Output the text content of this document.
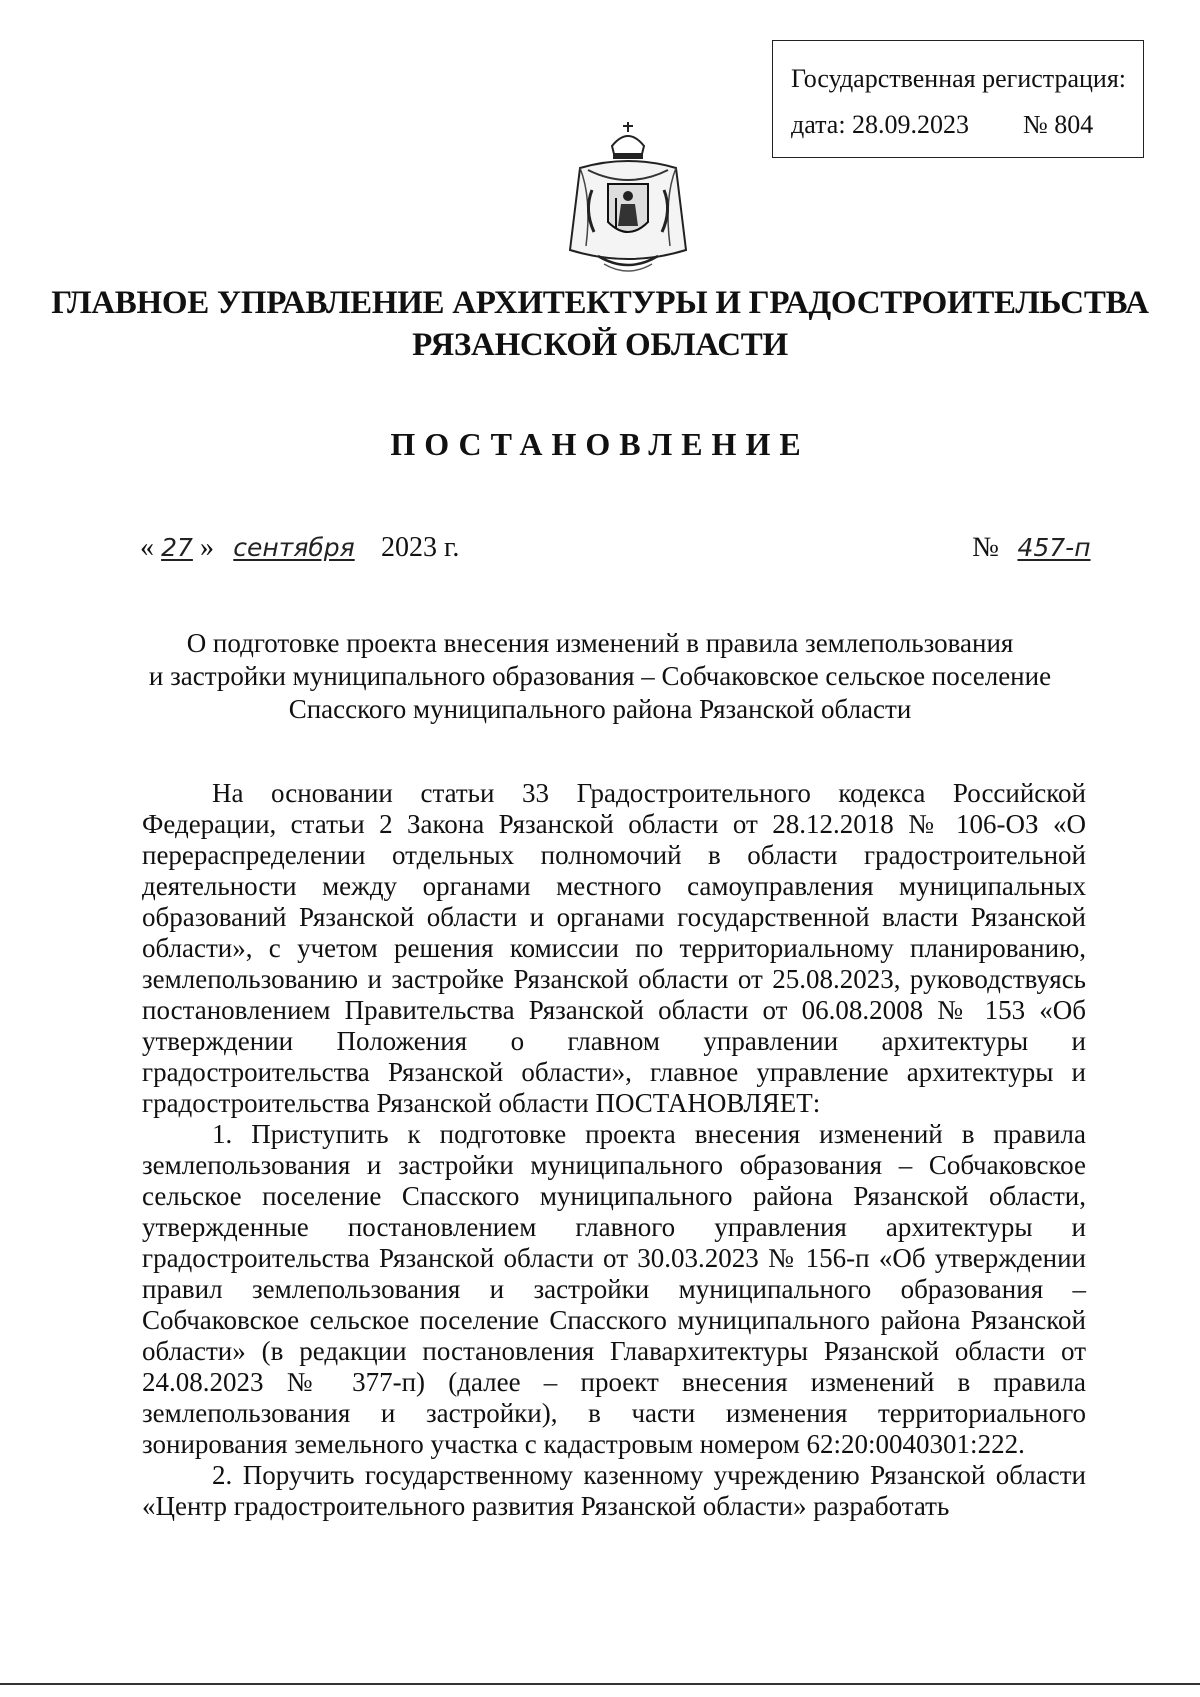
Государственная регистрация:
дата: 28.09.2023 № 804
ГЛАВНОЕ УПРАВЛЕНИЕ АРХИТЕКТУРЫ И ГРАДОСТРОИТЕЛЬСТВА
РЯЗАНСКОЙ ОБЛАСТИ
ПОСТАНОВЛЕНИЕ
« 27 » сентября 2023 г.	№ 457-п
О подготовке проекта внесения изменений в правила землепользования
и застройки муниципального образования – Собчаковское сельское поселение
Спасского муниципального района Рязанской области

На основании статьи 33 Градостроительного кодекса Российской Федерации, статьи 2 Закона Рязанской области от 28.12.2018 № 106-ОЗ «О перераспределении отдельных полномочий в области градостроительной деятельности между органами местного самоуправления муниципальных образований Рязанской области и органами государственной власти Рязанской области», с учетом решения комиссии по территориальному планированию, землепользованию и застройке Рязанской области от 25.08.2023, руководствуясь постановлением Правительства Рязанской области от 06.08.2008 № 153 «Об утверждении Положения о главном управлении архитектуры и градостроительства Рязанской области», главное управление архитектуры и градостроительства Рязанской области ПОСТАНОВЛЯЕТ:

1. Приступить к подготовке проекта внесения изменений в правила землепользования и застройки муниципального образования – Собчаковское сельское поселение Спасского муниципального района Рязанской области, утвержденные постановлением главного управления архитектуры и градостроительства Рязанской области от 30.03.2023 № 156-п «Об утверждении правил землепользования и застройки муниципального образования – Собчаковское сельское поселение Спасского муниципального района Рязанской области» (в редакции постановления Главархитектуры Рязанской области от 24.08.2023 № 377-п) (далее – проект внесения изменений в правила землепользования и застройки), в части изменения территориального зонирования земельного участка с кадастровым номером 62:20:0040301:222.

2. Поручить государственному казенному учреждению Рязанской области «Центр градостроительного развития Рязанской области» разработать
